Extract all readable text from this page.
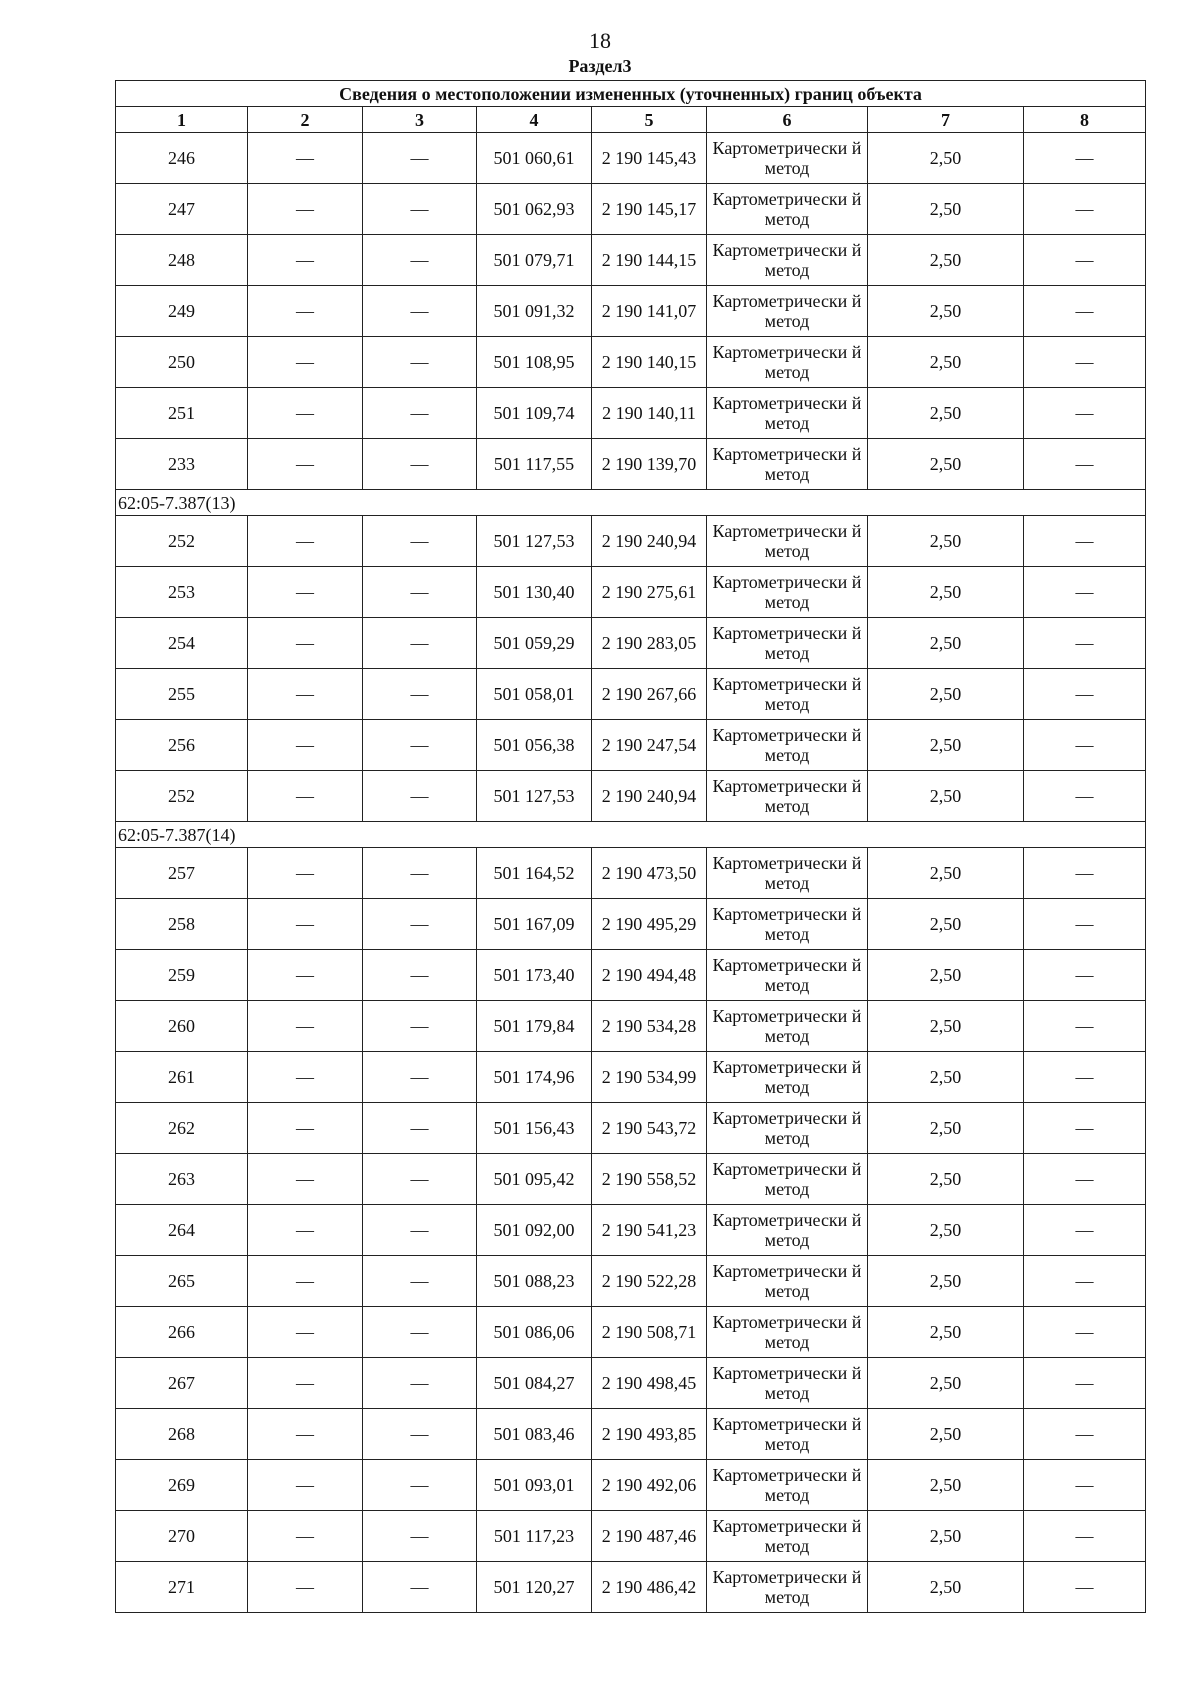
18
Раздел3
Сведения о местоположении измененных (уточненных) границ объекта							
1	2	3	4	5	6	7	8
246	—	—	501 060,61	2 190 145,43	Картометрически й метод	2,50	—
247	—	—	501 062,93	2 190 145,17	Картометрически й метод	2,50	—
248	—	—	501 079,71	2 190 144,15	Картометрически й метод	2,50	—
249	—	—	501 091,32	2 190 141,07	Картометрически й метод	2,50	—
250	—	—	501 108,95	2 190 140,15	Картометрически й метод	2,50	—
251	—	—	501 109,74	2 190 140,11	Картометрически й метод	2,50	—
233	—	—	501 117,55	2 190 139,70	Картометрически й метод	2,50	—
62:05-7.387(13)							
252	—	—	501 127,53	2 190 240,94	Картометрически й метод	2,50	—
253	—	—	501 130,40	2 190 275,61	Картометрически й метод	2,50	—
254	—	—	501 059,29	2 190 283,05	Картометрически й метод	2,50	—
255	—	—	501 058,01	2 190 267,66	Картометрически й метод	2,50	—
256	—	—	501 056,38	2 190 247,54	Картометрически й метод	2,50	—
252	—	—	501 127,53	2 190 240,94	Картометрически й метод	2,50	—
62:05-7.387(14)							
257	—	—	501 164,52	2 190 473,50	Картометрически й метод	2,50	—
258	—	—	501 167,09	2 190 495,29	Картометрически й метод	2,50	—
259	—	—	501 173,40	2 190 494,48	Картометрически й метод	2,50	—
260	—	—	501 179,84	2 190 534,28	Картометрически й метод	2,50	—
261	—	—	501 174,96	2 190 534,99	Картометрически й метод	2,50	—
262	—	—	501 156,43	2 190 543,72	Картометрически й метод	2,50	—
263	—	—	501 095,42	2 190 558,52	Картометрически й метод	2,50	—
264	—	—	501 092,00	2 190 541,23	Картометрически й метод	2,50	—
265	—	—	501 088,23	2 190 522,28	Картометрически й метод	2,50	—
266	—	—	501 086,06	2 190 508,71	Картометрически й метод	2,50	—
267	—	—	501 084,27	2 190 498,45	Картометрически й метод	2,50	—
268	—	—	501 083,46	2 190 493,85	Картометрически й метод	2,50	—
269	—	—	501 093,01	2 190 492,06	Картометрически й метод	2,50	—
270	—	—	501 117,23	2 190 487,46	Картометрически й метод	2,50	—
271	—	—	501 120,27	2 190 486,42	Картометрически й метод	2,50	—
